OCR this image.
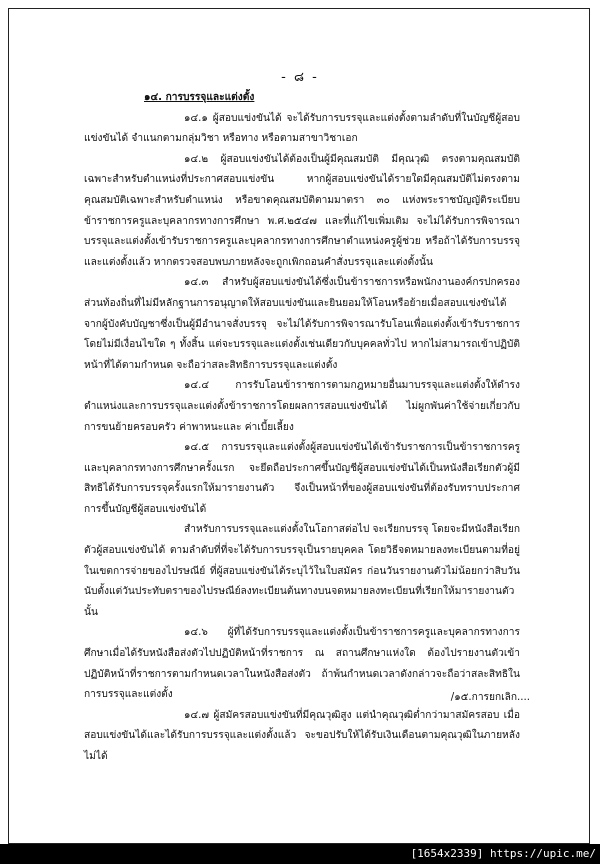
- ๘ -

๑๔. การบรรจุและแต่งตั้ง

๑๔.๑ ผู้สอบแข่งขันได้ จะได้รับการบรรจุและแต่งตั้งตามลำดับที่ในบัญชีผู้สอบแข่งขันได้ จำแนกตามกลุ่มวิชา หรือทาง หรือตามสาขาวิชาเอก

๑๔.๒ ผู้สอบแข่งขันได้ต้องเป็นผู้มีคุณสมบัติ มีคุณวุฒิ ตรงตามคุณสมบัติเฉพาะสำหรับตำแหน่งที่ประกาศสอบแข่งขัน หากผู้สอบแข่งขันได้รายใดมีคุณสมบัติไม่ตรงตามคุณสมบัติเฉพาะสำหรับตำแหน่ง หรือขาดคุณสมบัติตามมาตรา ๓๐ แห่งพระราชบัญญัติระเบียบข้าราชการครูและบุคลากรทางการศึกษา พ.ศ.๒๕๔๗ และที่แก้ไขเพิ่มเติม จะไม่ได้รับการพิจารณาบรรจุและแต่งตั้งเข้ารับราชการครูและบุคลากรทางการศึกษาตำแหน่งครูผู้ช่วย หรือถ้าได้รับการบรรจุและแต่งตั้งแล้ว หากตรวจสอบพบภายหลังจะถูกเพิกถอนคำสั่งบรรจุและแต่งตั้งนั้น

๑๔.๓ สำหรับผู้สอบแข่งขันได้ซึ่งเป็นข้าราชการหรือพนักงานองค์กรปกครองส่วนท้องถิ่นที่ไม่มีหลักฐานการอนุญาตให้สอบแข่งขันและยินยอมให้โอนหรือย้ายเมื่อสอบแข่งขันได้ จากผู้บังคับบัญชาซึ่งเป็นผู้มีอำนาจสั่งบรรจุ จะไม่ได้รับการพิจารณารับโอนเพื่อแต่งตั้งเข้ารับราชการโดยไม่มีเงื่อนไขใด ๆ ทั้งสิ้น แต่จะบรรจุและแต่งตั้งเช่นเดียวกับบุคคลทั่วไป หากไม่สามารถเข้าปฏิบัติหน้าที่ได้ตามกำหนด จะถือว่าสละสิทธิการบรรจุและแต่งตั้ง

๑๔.๔ การรับโอนข้าราชการตามกฎหมายอื่นมาบรรจุและแต่งตั้งให้ดำรงตำแหน่งและการบรรจุและแต่งตั้งข้าราชการโดยผลการสอบแข่งขันได้ ไม่ผูกพันค่าใช้จ่ายเกี่ยวกับการขนย้ายครอบครัว ค่าพาหนะและ ค่าเบี้ยเลี้ยง

๑๔.๕ การบรรจุและแต่งตั้งผู้สอบแข่งขันได้เข้ารับราชการเป็นข้าราชการครูและบุคลากรทางการศึกษาครั้งแรก จะยึดถือประกาศขึ้นบัญชีผู้สอบแข่งขันได้เป็นหนังสือเรียกตัวผู้มีสิทธิได้รับการบรรจุครั้งแรกให้มารายงานตัว จึงเป็นหน้าที่ของผู้สอบแข่งขันที่ต้องรับทราบประกาศการขึ้นบัญชีผู้สอบแข่งขันได้

สำหรับการบรรจุและแต่งตั้งในโอกาสต่อไป จะเรียกบรรจุ โดยจะมีหนังสือเรียกตัวผู้สอบแข่งขันได้ ตามลำดับที่ที่จะได้รับการบรรจุเป็นรายบุคคล โดยวิธีจดหมายลงทะเบียนตามที่อยู่ในเขตการจ่ายของไปรษณีย์ ที่ผู้สอบแข่งขันได้ระบุไว้ในใบสมัคร ก่อนวันรายงานตัวไม่น้อยกว่าสิบวัน นับตั้งแต่วันประทับตราของไปรษณีย์ลงทะเบียนต้นทางบนจดหมายลงทะเบียนที่เรียกให้มารายงานตัวนั้น

๑๔.๖ ผู้ที่ได้รับการบรรจุและแต่งตั้งเป็นข้าราชการครูและบุคลากรทางการศึกษาเมื่อได้รับหนังสือส่งตัวไปปฏิบัติหน้าที่ราชการ ณ สถานศึกษาแห่งใด ต้องไปรายงานตัวเข้าปฏิบัติหน้าที่ราชการตามกำหนดเวลาในหนังสือส่งตัว ถ้าพ้นกำหนดเวลาดังกล่าวจะถือว่าสละสิทธิในการบรรจุและแต่งตั้ง

๑๔.๗ ผู้สมัครสอบแข่งขันที่มีคุณวุฒิสูง แต่นำคุณวุฒิต่ำกว่ามาสมัครสอบ เมื่อสอบแข่งขันได้และได้รับการบรรจุและแต่งตั้งแล้ว จะขอปรับให้ได้รับเงินเดือนตามคุณวุฒิในภายหลังไม่ได้

/๑๕.การยกเลิก....
[1654x2339] https://upic.me/
